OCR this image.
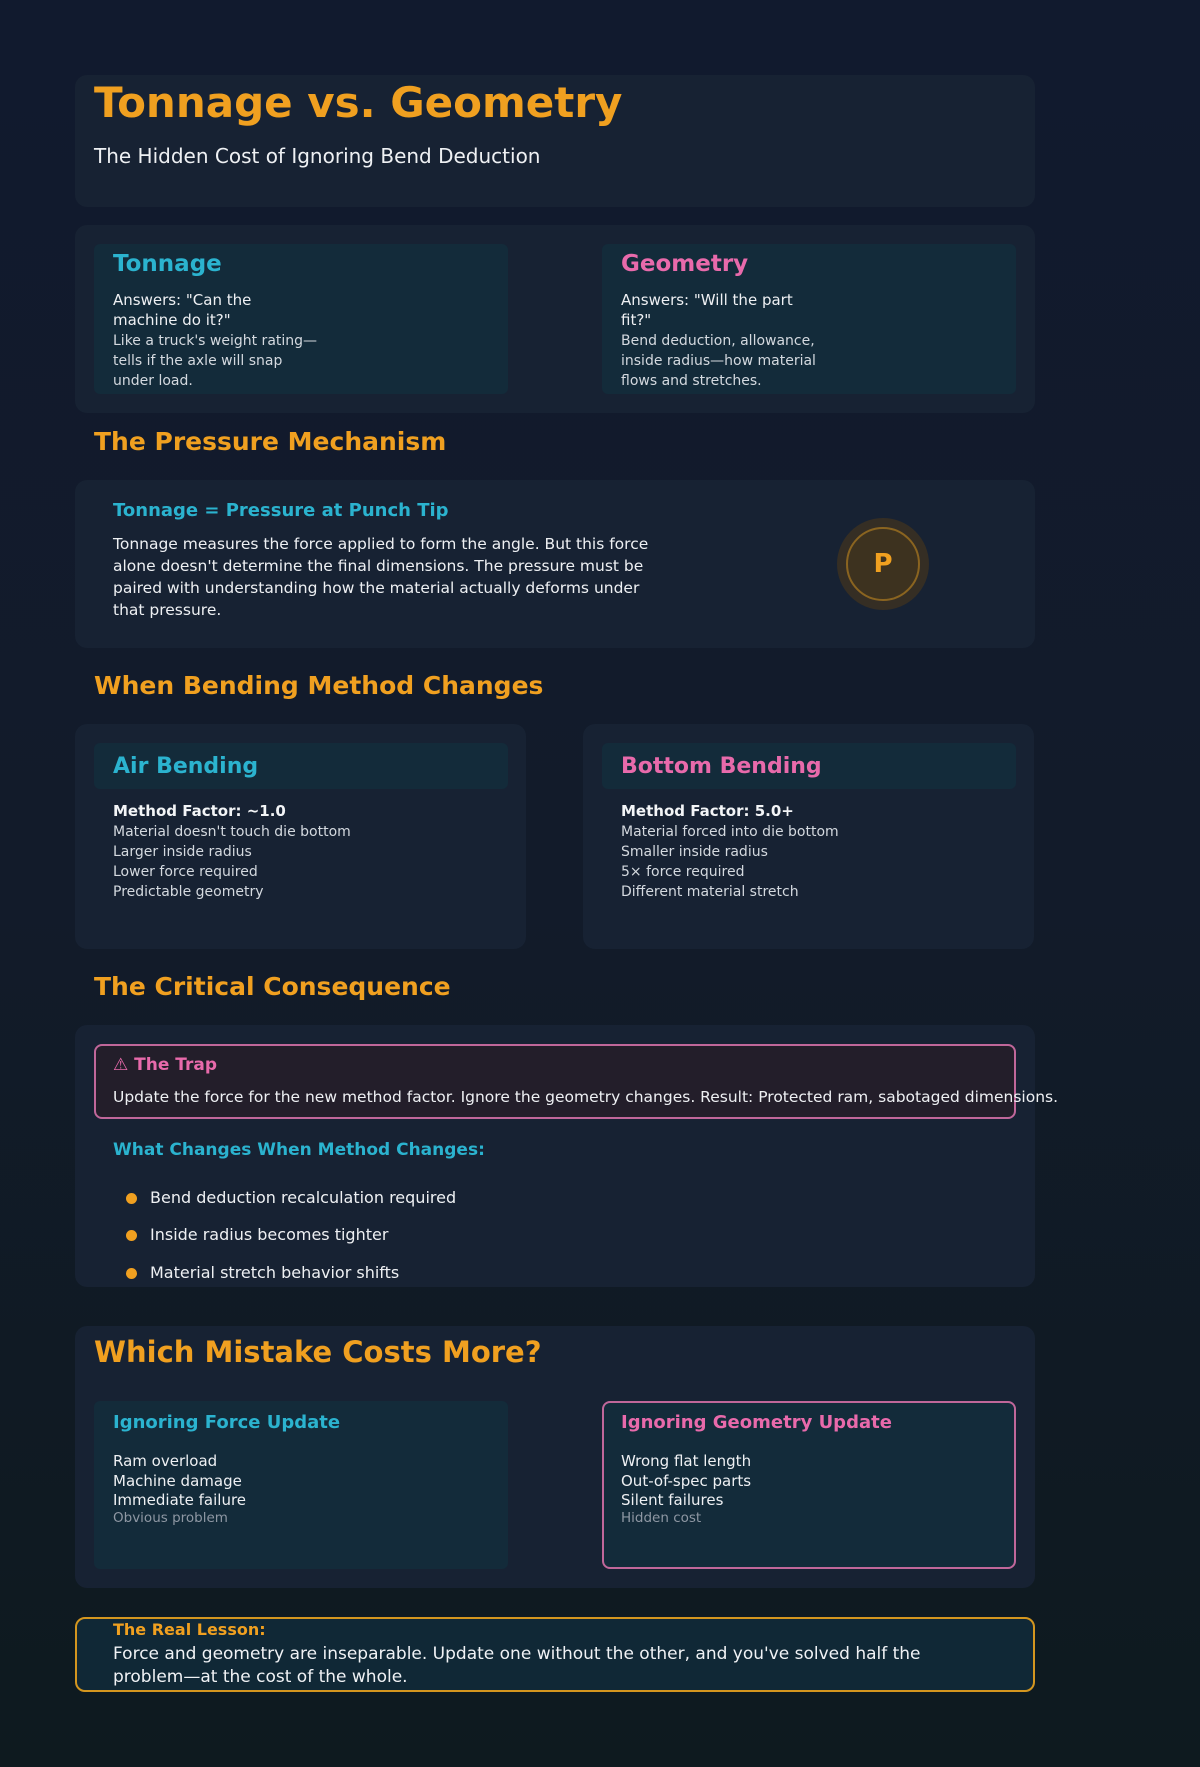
Tonnage vs. Geometry
The Hidden Cost of Ignoring Bend Deduction
Tonnage
Answers: "Can the machine do it?"
Like a truck's weight rating—tells if the axle will snap under load.
Geometry
Answers: "Will the part fit?"
Bend deduction, allowance, inside radius—how material flows and stretches.
The Pressure Mechanism
Tonnage = Pressure at Punch Tip
Tonnage measures the force applied to form the angle. But this force alone doesn't determine the final dimensions. The pressure must be paired with understanding how the material actually deforms under that pressure.
P
When Bending Method Changes
Air Bending
Method Factor: ~1.0
Material doesn't touch die bottom
Larger inside radius
Lower force required
Predictable geometry
Bottom Bending
Method Factor: 5.0+
Material forced into die bottom
Smaller inside radius
5× force required
Different material stretch
The Critical Consequence
⚠ The Trap
Update the force for the new method factor. Ignore the geometry changes. Result: Protected ram, sabotaged dimensions.
What Changes When Method Changes:
Bend deduction recalculation required
Inside radius becomes tighter
Material stretch behavior shifts
Which Mistake Costs More?
Ignoring Force Update
Ram overload
Machine damage
Immediate failure
Obvious problem
Ignoring Geometry Update
Wrong flat length
Out-of-spec parts
Silent failures
Hidden cost
The Real Lesson:
Force and geometry are inseparable. Update one without the other, and you've solved half the problem—at the cost of the whole.
